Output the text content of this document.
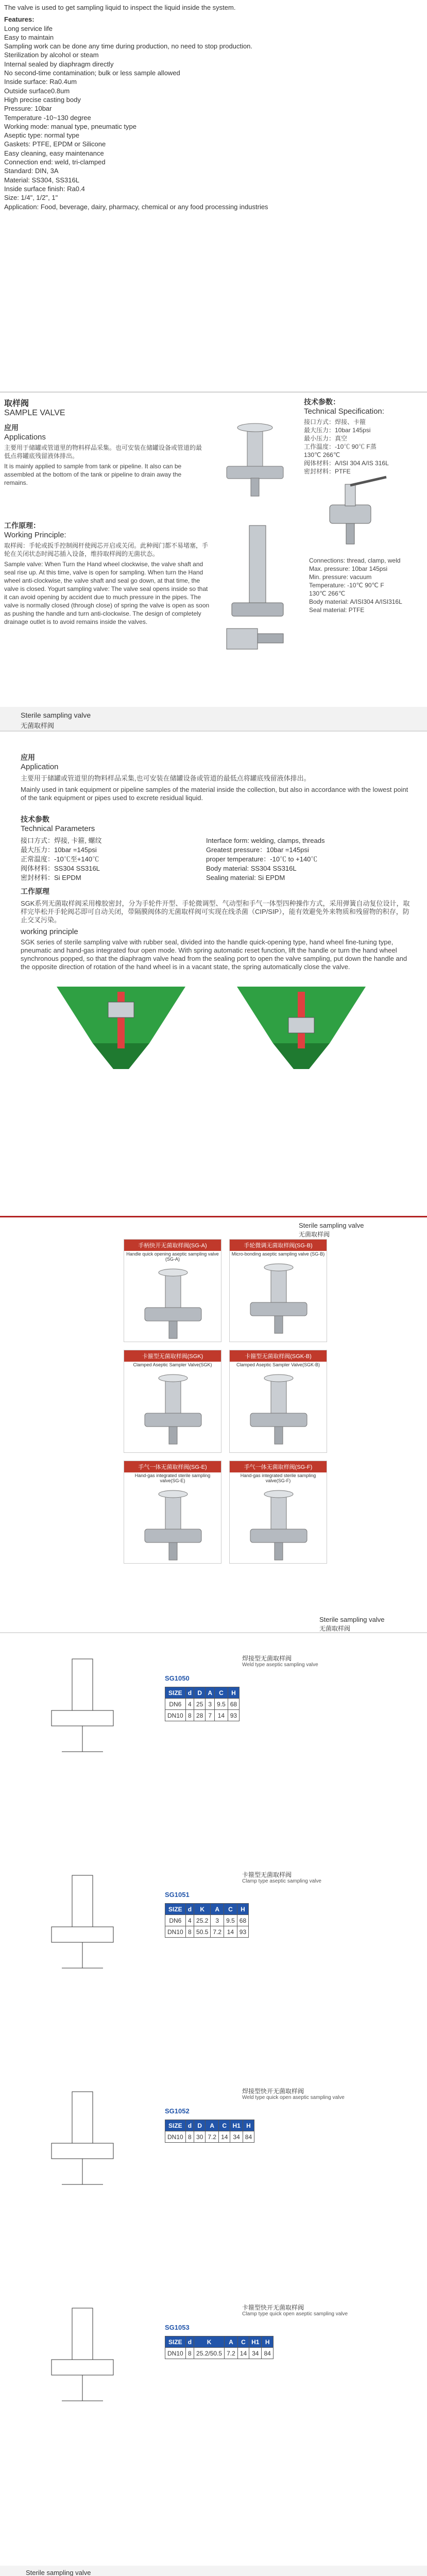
The valve is used to get sampling liquid to inspect the liquid inside the system.

Features:

Long service life

Easy to maintain

Sampling work can be done any time during production, no need to stop production.

Sterilization by alcohol or steam

Internal sealed by diaphragm directly

No second-time contamination; bulk or less sample allowed

Inside surface: Ra0.4um

Outside surface0.8um

High precise casting body

Pressure: 10bar

Temperature -10~130 degree

Working mode: manual type, pneumatic type

Aseptic type: normal type

Gaskets: PTFE, EPDM or Silicone

Easy cleaning, easy maintenance

Connection end: weld, tri-clamped

Standard: DIN, 3A

Material: SS304, SS316L

Inside surface finish: Ra0.4

Size: 1/4", 1/2", 1"

Application: Food, beverage, dairy, pharmacy, chemical or any food processing industries

取样阀
SAMPLE VALVE
应用
Applications
主要用于储罐或管道里的物料样品采集。也可安装在储罐设备或管道的最低点将罐底残留液体排出。
It is mainly applied to sample from tank or pipeline. It also can be assembled at the bottom of the tank or pipeline to drain away the remains.
技术参数：
Technical Specification:
接口方式：焊接、卡箍
最大压力：10bar 145psi
最小压力：真空
工作温度：-10℃ 90℃ F蒸
130℃ 266℃
阀体材料：A/ISI 304 A/IS 316L
密封材料：PTFE
Connections: thread, clamp, weld
Max. pressure: 10bar 145psi
Min. pressure: vacuum
Temperature: -10℃ 90℃ F
130℃ 266℃
Body material: A/ISI304 A/ISI316L
Seal material: PTFE
工作原理：
Working Principle:
取样阀：手轮或扳手控制阀杆使阀芯开启或关闭。此种阀门都不易堵塞，手轮在关闭状态时阀芯插入设备，维持取样阀的无菌状态。
Sample valve: When Turn the Hand wheel clockwise, the valve shaft and seal rise up. At this time, valve is open for sampling. When turn the Hand wheel anti-clockwise, the valve shaft and seal go down, at that time, the valve is closed. Yogurt sampling valve: The valve seal opens inside so that it can avoid opening by accident due to much pressure in the pipes. The valve is normally closed (through close) of spring the valve is open as soon as pushing the handle and turn anti-clockwise. The design of completely drainage outlet is to avoid remains inside the valves.
Sterile sampling valve
无菌取样阀
应用
Application
主要用于储罐或管道里的物料样品采集,也可安装在储罐设备或管道的最低点将罐底残留液体排出。
Mainly used in tank equipment or pipeline samples of the material inside the collection, but also in accordance with the lowest point of the tank equipment or pipes used to excrete residual liquid.
技术参数
Technical Parameters
接口方式：焊接, 卡箍, 螺纹
最大压力：10bar =145psi
正常温度：-10℃至+140℃
阀体材料：SS304 SS316L
密封材料：Si EPDM
Interface form: welding, clamps, threads
Greatest pressure：10bar =145psi
proper temperature：-10℃ to +140℃
Body material: SS304 SS316L
Sealing material: Si EPDM
工作原理
SGK系列无菌取样阀采用橡胶密封，分为手轮件开型、手轮微调型、气动型和手气一体型四种操作方式，采用弹簧自动复位设计，取样完毕松开手轮阀芯即可自动关闭，带隔膜阀体的无菌取样阀可实现在线杀菌（CIP/SIP），能有效避免外来物质和残留物的积存，防止交叉污染。
working principle
SGK series of sterile sampling valve with rubber seal, divided into the handle quick-opening type, hand wheel fine-tuning type, pneumatic and hand-gas integrated four open mode. With spring automatic reset function, lift the handle or turn the hand wheel synchronous popped, so that the diaphragm valve head from the sealing port to open the valve sampling, put down the handle and the opposite direction of rotation of the hand wheel is in a vacant state, the spring automatically close the valve.
Sterile sampling valve
无菌取样阀
手柄快开无菌取样阀(SG-A)
Handle quick opening aseptic sampling valve (SG-A)
手轮微调无菌取样阀(SG-B)
Micro-bonding aseptic sampling valve (SG-B)
卡箍型无菌取样阀(SGK)
Clamped Aseptic Sampler Valve(SGK)
卡箍型无菌取样阀(SGK-B)
Clamped Aseptic Sampler Valve(SGK-B)
手气一体无菌取样阀(SG-E)
Hand-gas integrated sterile sampling valve(SG-E)
手气一体无菌取样阀(SG-F)
Hand-gas integrated sterile sampling valve(SG-F)
Sterile sampling valve
无菌取样阀
焊接型无菌取样阀
Weld type aseptic sampling valve
SG1050
SIZE	d	D	A	C	H
DN6	4	25	3	9.5	68
DN10	8	28	7	14	93
卡箍型无菌取样阀
Clamp type aseptic sampling valve
SG1051
SIZE	d	K	A	C	H
DN6	4	25.2	3	9.5	68
DN10	8	50.5	7.2	14	93
焊接型快开无菌取样阀
Weld type quick open aseptic sampling valve
SG1052
SIZE	d	D	A	C	H1	H
DN10	8	30	7.2	14	34	84
卡箍型快开无菌取样阀
Clamp type quick open aseptic sampling valve
SG1053
SIZE	d	K	A	C	H1	H
DN10	8	25.2/50.5	7.2	14	34	84
Sterile sampling valve
